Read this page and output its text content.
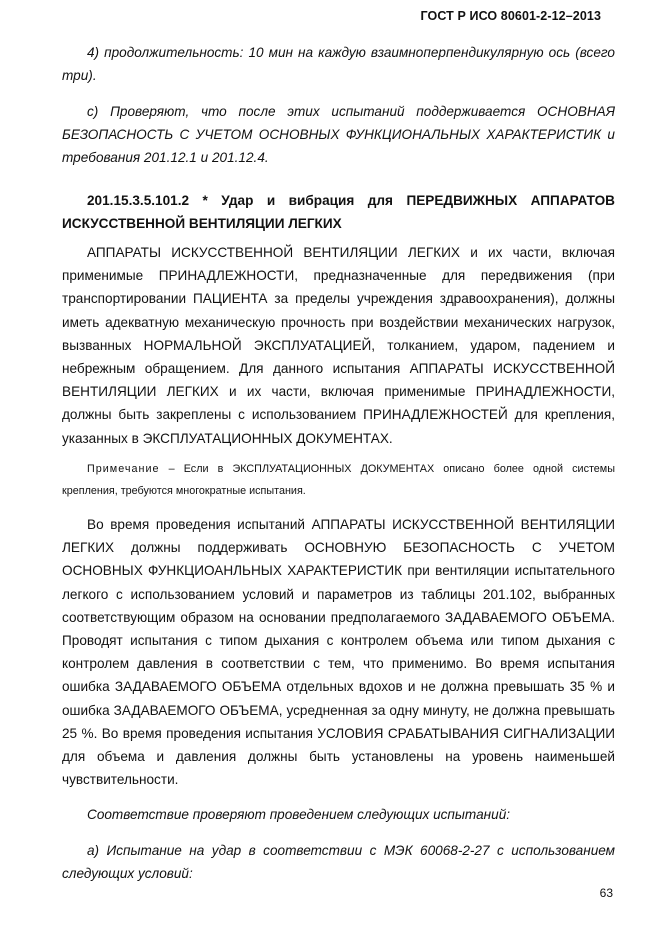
ГОСТ Р ИСО 80601-2-12–2013
4) продолжительность: 10 мин на каждую взаимноперпендикулярную ось (всего три).
c) Проверяют, что после этих испытаний поддерживается ОСНОВНАЯ БЕЗОПАСНОСТЬ С УЧЕТОМ ОСНОВНЫХ ФУНКЦИОНАЛЬНЫХ ХАРАКТЕРИСТИК и требования 201.12.1 и 201.12.4.
201.15.3.5.101.2 * Удар и вибрация для ПЕРЕДВИЖНЫХ АППАРАТОВ ИСКУССТВЕННОЙ ВЕНТИЛЯЦИИ ЛЕГКИХ
АППАРАТЫ ИСКУССТВЕННОЙ ВЕНТИЛЯЦИИ ЛЕГКИХ и их части, включая применимые ПРИНАДЛЕЖНОСТИ, предназначенные для передвижения (при транспортировании ПАЦИЕНТА за пределы учреждения здравоохранения), должны иметь адекватную механическую прочность при воздействии механических нагрузок, вызванных НОРМАЛЬНОЙ ЭКСПЛУАТАЦИЕЙ, толканием, ударом, падением и небрежным обращением. Для данного испытания АППАРАТЫ ИСКУССТВЕННОЙ ВЕНТИЛЯЦИИ ЛЕГКИХ и их части, включая применимые ПРИНАДЛЕЖНОСТИ, должны быть закреплены с использованием ПРИНАДЛЕЖНОСТЕЙ для крепления, указанных в ЭКСПЛУАТАЦИОННЫХ ДОКУМЕНТАХ.
Примечание – Если в ЭКСПЛУАТАЦИОННЫХ ДОКУМЕНТАХ описано более одной системы крепления, требуются многократные испытания.
Во время проведения испытаний АППАРАТЫ ИСКУССТВЕННОЙ ВЕНТИЛЯЦИИ ЛЕГКИХ должны поддерживать ОСНОВНУЮ БЕЗОПАСНОСТЬ С УЧЕТОМ ОСНОВНЫХ ФУНКЦИОАНЛЬНЫХ ХАРАКТЕРИСТИК при вентиляции испытательного легкого с использованием условий и параметров из таблицы 201.102, выбранных соответствующим образом на основании предполагаемого ЗАДАВАЕМОГО ОБЪЕМА. Проводят испытания с типом дыхания с контролем объема или типом дыхания с контролем давления в соответствии с тем, что применимо. Во время испытания ошибка ЗАДАВАЕМОГО ОБЪЕМА отдельных вдохов и не должна превышать 35 % и ошибка ЗАДАВАЕМОГО ОБЪЕМА, усредненная за одну минуту, не должна превышать 25 %. Во время проведения испытания УСЛОВИЯ СРАБАТЫВАНИЯ СИГНАЛИЗАЦИИ для объема и давления должны быть установлены на уровень наименьшей чувствительности.
Соответствие проверяют проведением следующих испытаний:
a) Испытание на удар в соответствии с МЭК 60068-2-27 с использованием следующих условий:
63
